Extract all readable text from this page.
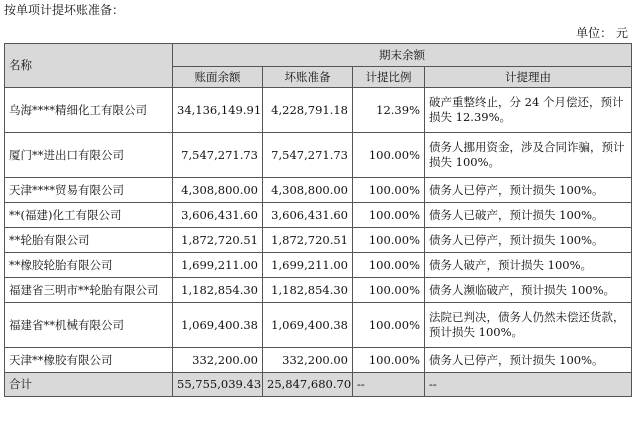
按单项计提坏账准备：
单位： 元
名称	期末余额			
	账面余额	坏账准备	计提比例	计提理由
乌海****精细化工有限公司	34,136,149.91	4,228,791.18	12.39%	破产重整终止，分 24 个月偿还，预计损失 12.39%。
厦门**进出口有限公司	7,547,271.73	7,547,271.73	100.00%	债务人挪用资金，涉及合同诈骗，预计损失 100%。
天津****贸易有限公司	4,308,800.00	4,308,800.00	100.00%	债务人已停产，预计损失 100%。
**(福建)化工有限公司	3,606,431.60	3,606,431.60	100.00%	债务人已破产，预计损失 100%。
**轮胎有限公司	1,872,720.51	1,872,720.51	100.00%	债务人已停产，预计损失 100%。
**橡胶轮胎有限公司	1,699,211.00	1,699,211.00	100.00%	债务人破产，预计损失 100%。
福建省三明市**轮胎有限公司	1,182,854.30	1,182,854.30	100.00%	债务人濒临破产，预计损失 100%。
福建省**机械有限公司	1,069,400.38	1,069,400.38	100.00%	法院已判决，债务人仍然未偿还货款，预计损失 100%。
天津**橡胶有限公司	332,200.00	332,200.00	100.00%	债务人已停产，预计损失 100%。
合计	55,755,039.43	25,847,680.70	--	--
